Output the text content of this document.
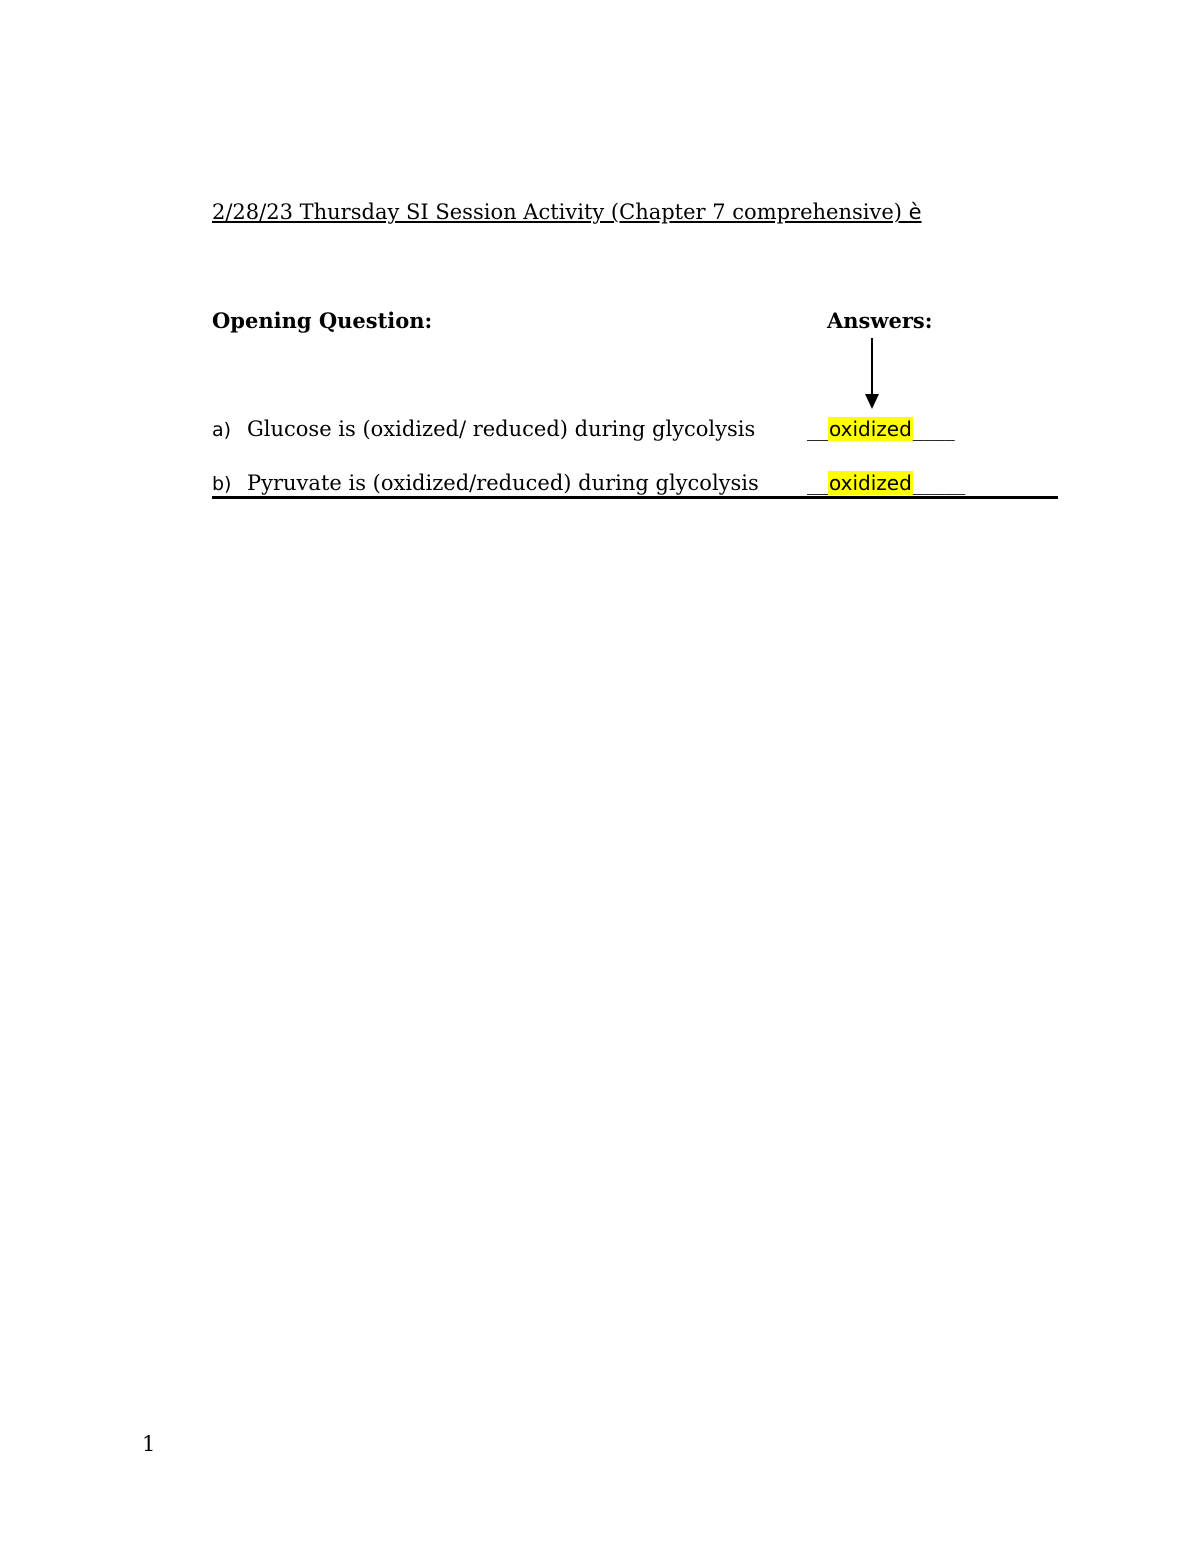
2/28/23 Thursday SI Session Activity (Chapter 7 comprehensive) è
Opening Question:	Answers:
a) Glucose is (oxidized/ reduced) during glycolysis __oxidized____
b) Pyruvate is (oxidized/reduced) during glycolysis __oxidized_____
1
